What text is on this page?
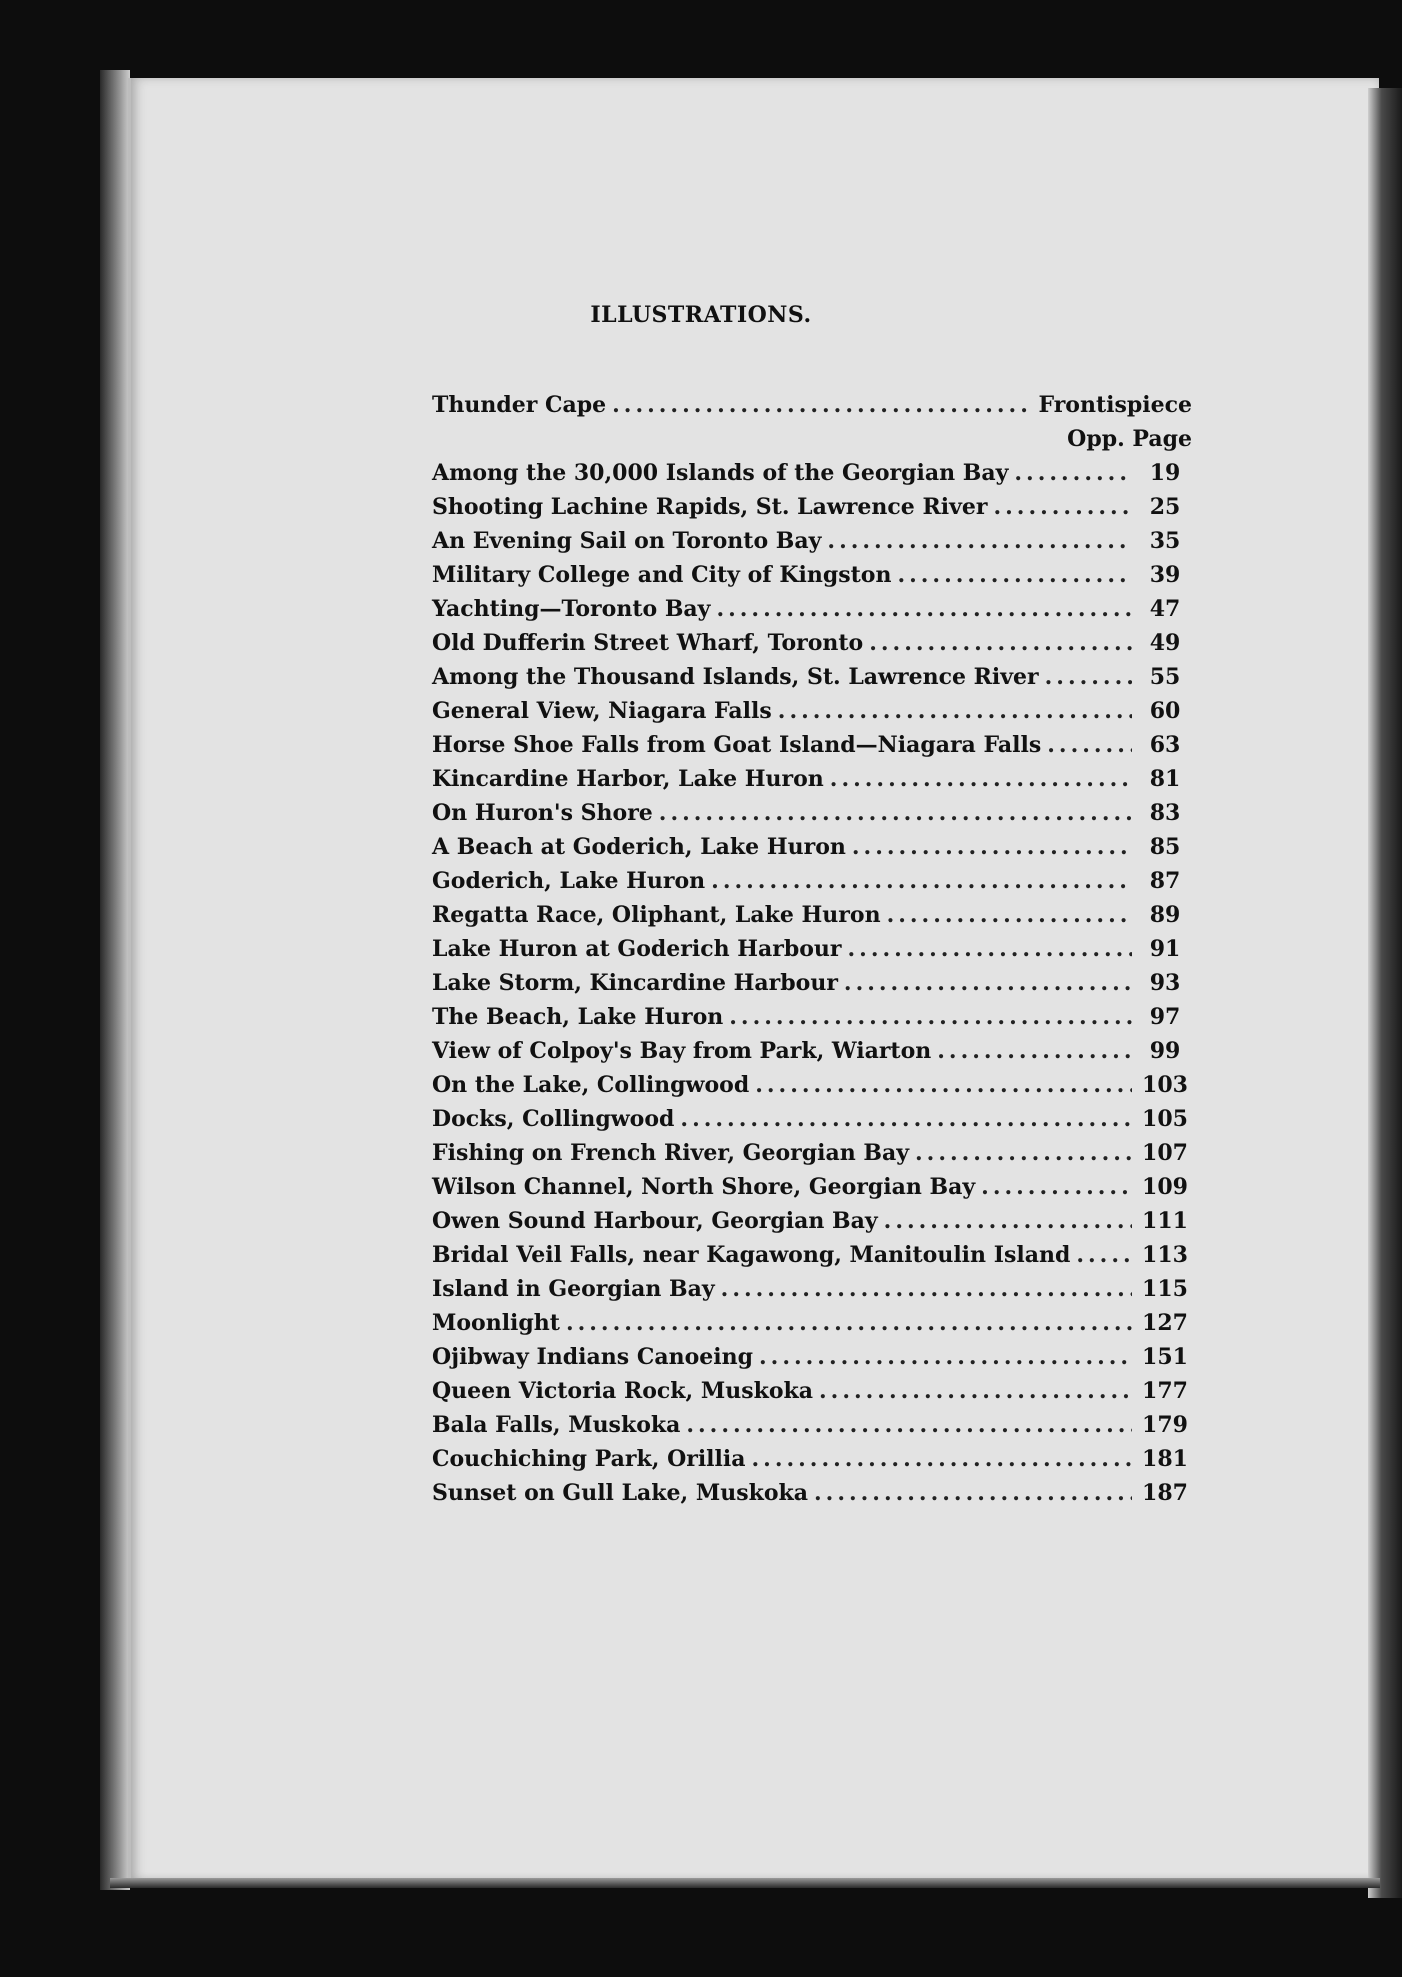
ILLUSTRATIONS.
Thunder Cape .....	Frontispiece
Opp. Page
Among the 30,000 Islands of the Georgian Bay .....	19
Shooting Lachine Rapids, St. Lawrence River .....	25
An Evening Sail on Toronto Bay .....	35
Military College and City of Kingston .....	39
Yachting—Toronto Bay .....	47
Old Dufferin Street Wharf, Toronto .....	49
Among the Thousand Islands, St. Lawrence River .....	55
General View, Niagara Falls .....	60
Horse Shoe Falls from Goat Island—Niagara Falls .....	63
Kincardine Harbor, Lake Huron .....	81
On Huron's Shore .....	83
A Beach at Goderich, Lake Huron .....	85
Goderich, Lake Huron .....	87
Regatta Race, Oliphant, Lake Huron .....	89
Lake Huron at Goderich Harbour .....	91
Lake Storm, Kincardine Harbour .....	93
The Beach, Lake Huron .....	97
View of Colpoy's Bay from Park, Wiarton .....	99
On the Lake, Collingwood .....	103
Docks, Collingwood .....	105
Fishing on French River, Georgian Bay .....	107
Wilson Channel, North Shore, Georgian Bay .....	109
Owen Sound Harbour, Georgian Bay .....	111
Bridal Veil Falls, near Kagawong, Manitoulin Island .....	113
Island in Georgian Bay .....	115
Moonlight .....	127
Ojibway Indians Canoeing .....	151
Queen Victoria Rock, Muskoka .....	177
Bala Falls, Muskoka .....	179
Couchiching Park, Orillia .....	181
Sunset on Gull Lake, Muskoka .....	187
